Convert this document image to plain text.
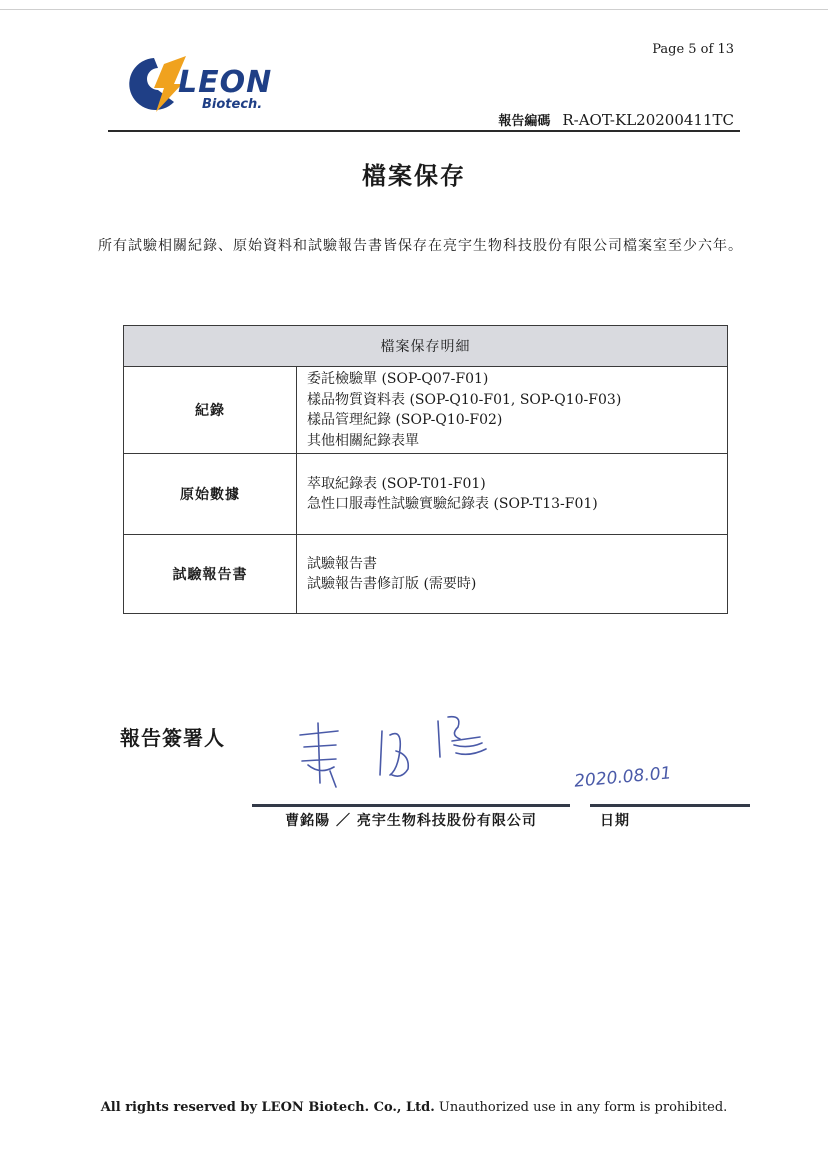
Page 5 of 13
LEON
Biotech.
報告編碼 R-AOT-KL20200411TC
檔案保存
所有試驗相關紀錄、原始資料和試驗報告書皆保存在亮宇生物科技股份有限公司檔案室至少六年。
檔案保存明細	
紀錄	委託檢驗單 (SOP-Q07-F01)
樣品物質資料表 (SOP-Q10-F01, SOP-Q10-F03)
樣品管理紀錄 (SOP-Q10-F02)
其他相關紀錄表單

原始數據	萃取紀錄表 (SOP-T01-F01)
急性口服毒性試驗實驗紀錄表 (SOP-T13-F01)

試驗報告書	試驗報告書
試驗報告書修訂版 (需要時)
報告簽署人
2020.08.01
曹銘陽 ／ 亮宇生物科技股份有限公司	日期
All rights reserved by LEON Biotech. Co., Ltd. Unauthorized use in any form is prohibited.
